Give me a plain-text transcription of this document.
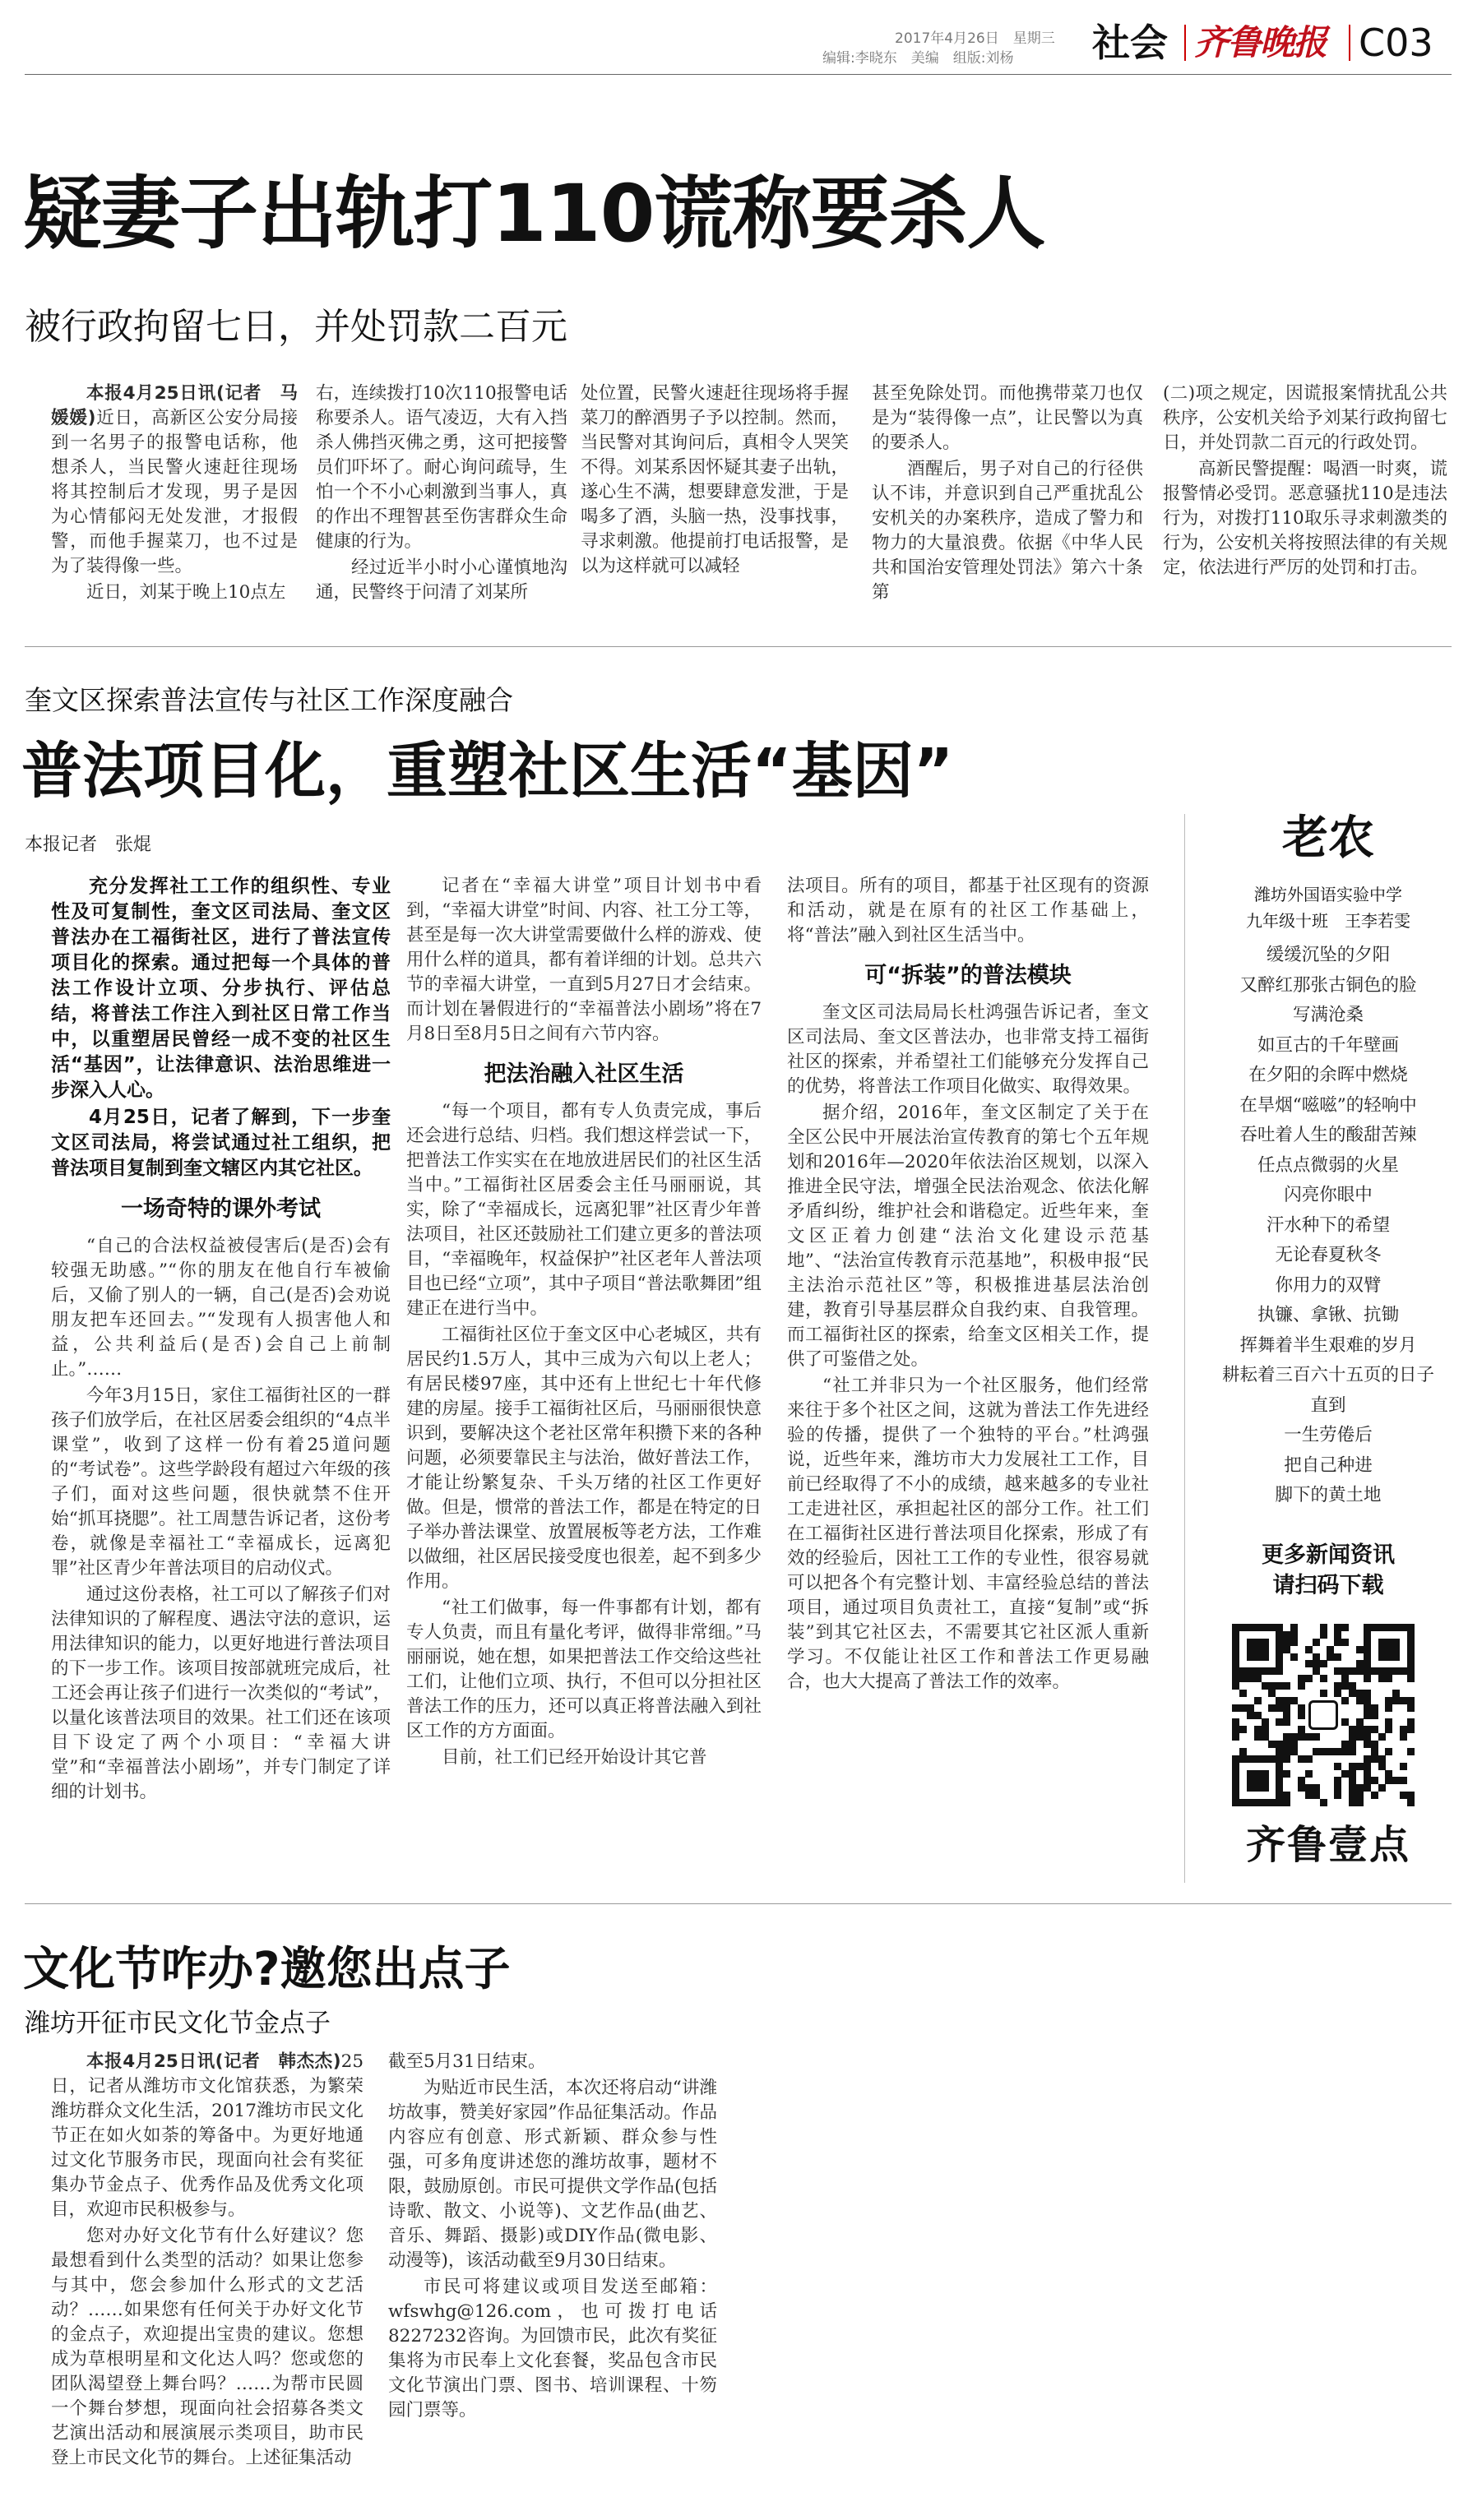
2017年4月26日　星期三
编辑:李晓东　美编　组版:刘杨 社会 齐鲁晚报 C03
疑妻子出轨打110谎称要杀人
被行政拘留七日，并处罚款二百元

本报4月25日讯(记者　马媛媛)近日，高新区公安分局接到一名男子的报警电话称，他想杀人，当民警火速赶往现场将其控制后才发现，男子是因为心情郁闷无处发泄，才报假警，而他手握菜刀，也不过是为了装得像一些。

近日，刘某于晚上10点左

右，连续拨打10次110报警电话称要杀人。语气凌迈，大有入挡杀人佛挡灭佛之勇，这可把接警员们吓坏了。耐心询问疏导，生怕一个不小心刺激到当事人，真的作出不理智甚至伤害群众生命健康的行为。

经过近半小时小心谨慎地沟通，民警终于问清了刘某所

处位置，民警火速赶往现场将手握菜刀的醉酒男子予以控制。然而，当民警对其询问后，真相令人哭笑不得。刘某系因怀疑其妻子出轨，遂心生不满，想要肆意发泄，于是喝多了酒，头脑一热，没事找事，寻求刺激。他提前打电话报警，是以为这样就可以减轻

甚至免除处罚。而他携带菜刀也仅是为“装得像一点”，让民警以为真的要杀人。

酒醒后，男子对自己的行径供认不讳，并意识到自己严重扰乱公安机关的办案秩序，造成了警力和物力的大量浪费。依据《中华人民共和国治安管理处罚法》第六十条第

(二)项之规定，因谎报案情扰乱公共秩序，公安机关给予刘某行政拘留七日，并处罚款二百元的行政处罚。

高新民警提醒：喝酒一时爽，谎报警情必受罚。恶意骚扰110是违法行为，对拨打110取乐寻求刺激类的行为，公安机关将按照法律的有关规定，依法进行严厉的处罚和打击。

奎文区探索普法宣传与社区工作深度融合
普法项目化，重塑社区生活“基因”
本报记者　张焜

充分发挥社工工作的组织性、专业性及可复制性，奎文区司法局、奎文区普法办在工福街社区，进行了普法宣传项目化的探索。通过把每一个具体的普法工作设计立项、分步执行、评估总结，将普法工作注入到社区日常工作当中，以重塑居民曾经一成不变的社区生活“基因”，让法律意识、法治思维进一步深入人心。

4月25日，记者了解到，下一步奎文区司法局，将尝试通过社工组织，把普法项目复制到奎文辖区内其它社区。

一场奇特的课外考试

“自己的合法权益被侵害后(是否)会有较强无助感。”“你的朋友在他自行车被偷后，又偷了别人的一辆，自己(是否)会劝说朋友把车还回去。”“发现有人损害他人和益，公共利益后(是否)会自己上前制止。”……

今年3月15日，家住工福街社区的一群孩子们放学后，在社区居委会组织的“4点半课堂”，收到了这样一份有着25道问题的“考试卷”。这些学龄段有超过六年级的孩子们，面对这些问题，很快就禁不住开始“抓耳挠腮”。社工周慧告诉记者，这份考卷，就像是幸福社工“幸福成长，远离犯罪”社区青少年普法项目的启动仪式。

通过这份表格，社工可以了解孩子们对法律知识的了解程度、遇法守法的意识，运用法律知识的能力，以更好地进行普法项目的下一步工作。该项目按部就班完成后，社工还会再让孩子们进行一次类似的“考试”，以量化该普法项目的效果。社工们还在该项目下设定了两个小项目：“幸福大讲堂”和“幸福普法小剧场”，并专门制定了详细的计划书。

记者在“幸福大讲堂”项目计划书中看到，“幸福大讲堂”时间、内容、社工分工等，甚至是每一次大讲堂需要做什么样的游戏、使用什么样的道具，都有着详细的计划。总共六节的幸福大讲堂，一直到5月27日才会结束。而计划在暑假进行的“幸福普法小剧场”将在7月8日至8月5日之间有六节内容。

把法治融入社区生活

“每一个项目，都有专人负责完成，事后还会进行总结、归档。我们想这样尝试一下，把普法工作实实在在地放进居民们的社区生活当中。”工福街社区居委会主任马丽丽说，其实，除了“幸福成长，远离犯罪”社区青少年普法项目，社区还鼓励社工们建立更多的普法项目，“幸福晚年，权益保护”社区老年人普法项目也已经“立项”，其中子项目“普法歌舞团”组建正在进行当中。

工福街社区位于奎文区中心老城区，共有居民约1.5万人，其中三成为六旬以上老人；有居民楼97座，其中还有上世纪七十年代修建的房屋。接手工福街社区后，马丽丽很快意识到，要解决这个老社区常年积攒下来的各种问题，必须要靠民主与法治，做好普法工作，才能让纷繁复杂、千头万绪的社区工作更好做。但是，惯常的普法工作，都是在特定的日子举办普法课堂、放置展板等老方法，工作难以做细，社区居民接受度也很差，起不到多少作用。

“社工们做事，每一件事都有计划，都有专人负责，而且有量化考评，做得非常细。”马丽丽说，她在想，如果把普法工作交给这些社工们，让他们立项、执行，不但可以分担社区普法工作的压力，还可以真正将普法融入到社区工作的方方面面。

目前，社工们已经开始设计其它普

法项目。所有的项目，都基于社区现有的资源和活动，就是在原有的社区工作基础上，将“普法”融入到社区生活当中。

可“拆装”的普法模块

奎文区司法局局长杜鸿强告诉记者，奎文区司法局、奎文区普法办，也非常支持工福街社区的探索，并希望社工们能够充分发挥自己的优势，将普法工作项目化做实、取得效果。

据介绍，2016年，奎文区制定了关于在全区公民中开展法治宣传教育的第七个五年规划和2016年—2020年依法治区规划，以深入推进全民守法，增强全民法治观念、依法化解矛盾纠纷，维护社会和谐稳定。近些年来，奎文区正着力创建“法治文化建设示范基地”、“法治宣传教育示范基地”，积极申报“民主法治示范社区”等，积极推进基层法治创建，教育引导基层群众自我约束、自我管理。而工福街社区的探索，给奎文区相关工作，提供了可鉴借之处。

“社工并非只为一个社区服务，他们经常来往于多个社区之间，这就为普法工作先进经验的传播，提供了一个独特的平台。”杜鸿强说，近些年来，潍坊市大力发展社工工作，目前已经取得了不小的成绩，越来越多的专业社工走进社区，承担起社区的部分工作。社工们在工福街社区进行普法项目化探索，形成了有效的经验后，因社工工作的专业性，很容易就可以把各个有完整计划、丰富经验总结的普法项目，通过项目负责社工，直接“复制”或“拆装”到其它社区去，不需要其它社区派人重新学习。不仅能让社区工作和普法工作更易融合，也大大提高了普法工作的效率。

老农
潍坊外国语实验中学
九年级十班　王李若雯
缓缓沉坠的夕阳
又醉红那张古铜色的脸
写满沧桑
如亘古的千年壁画
在夕阳的余晖中燃烧
在旱烟“嗞嗞”的轻响中
吞吐着人生的酸甜苦辣
任点点微弱的火星
闪亮你眼中
汗水种下的希望
无论春夏秋冬
你用力的双臂
执镰、拿锹、抗锄
挥舞着半生艰难的岁月
耕耘着三百六十五页的日子
直到
一生劳倦后
把自己种进
脚下的黄土地
更多新闻资讯
请扫码下载
齐鲁壹点
文化节咋办?邀您出点子
潍坊开征市民文化节金点子

本报4月25日讯(记者　韩杰杰)25日，记者从潍坊市文化馆获悉，为繁荣潍坊群众文化生活，2017潍坊市民文化节正在如火如荼的筹备中。为更好地通过文化节服务市民，现面向社会有奖征集办节金点子、优秀作品及优秀文化项目，欢迎市民积极参与。

您对办好文化节有什么好建议？您最想看到什么类型的活动？如果让您参与其中，您会参加什么形式的文艺活动？……如果您有任何关于办好文化节的金点子，欢迎提出宝贵的建议。您想成为草根明星和文化达人吗？您或您的团队渴望登上舞台吗？……为帮市民圆一个舞台梦想，现面向社会招募各类文艺演出活动和展演展示类项目，助市民登上市民文化节的舞台。上述征集活动

截至5月31日结束。

为贴近市民生活，本次还将启动“讲潍坊故事，赞美好家园”作品征集活动。作品内容应有创意、形式新颖、群众参与性强，可多角度讲述您的潍坊故事，题材不限，鼓励原创。市民可提供文学作品(包括诗歌、散文、小说等)、文艺作品(曲艺、音乐、舞蹈、摄影)或DIY作品(微电影、动漫等)，该活动截至9月30日结束。

市民可将建议或项目发送至邮箱：wfswhg@126.com，也可拨打电话8227232咨询。为回馈市民，此次有奖征集将为市民奉上文化套餐，奖品包含市民文化节演出门票、图书、培训课程、十笏园门票等。
